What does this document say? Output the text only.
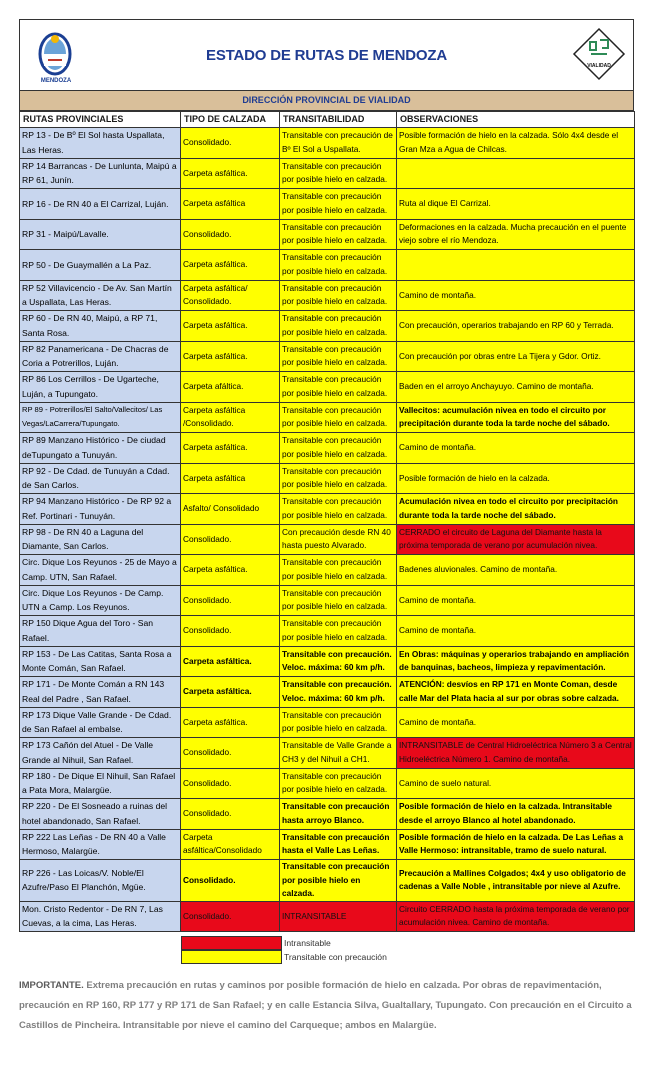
MENDOZA
ESTADO DE RUTAS DE MENDOZA
VIALIDAD
DIRECCIÓN PROVINCIAL DE VIALIDAD
RUTAS PROVINCIALES	TIPO DE CALZADA	TRANSITABILIDAD	OBSERVACIONES
RP 13 - De Bº El Sol hasta Uspallata, Las Heras.	Consolidado.	Transitable con precaución de Bº El Sol a Uspallata.	Posible formación de hielo en la calzada. Sólo 4x4 desde el Gran Mza a Agua de Chilcas.
RP 14 Barrancas - De Lunlunta, Maipú a RP 61, Junín.	Carpeta asfáltica.	Transitable con precaución por posible hielo en calzada.	
RP 16 - De RN 40 a El Carrizal, Luján.	Carpeta asfáltica	Transitable con precaución por posible hielo en calzada.	Ruta al dique El Carrizal.
RP 31 - Maipú/Lavalle.	Consolidado.	Transitable con precaución por posible hielo en calzada.	Deformaciones en la calzada. Mucha precaución en el puente viejo sobre el río Mendoza.
RP 50 - De Guaymallén a La Paz.	Carpeta asfáltica.	Transitable con precaución por posible hielo en calzada.	
RP 52 Villavicencio - De Av. San Martín a Uspallata, Las Heras.	Carpeta asfáltica/ Consolidado.	Transitable con precaución por posible hielo en calzada.	Camino de montaña.
RP 60 - De RN 40, Maipú, a RP 71, Santa Rosa.	Carpeta asfáltica.	Transitable con precaución por posible hielo en calzada.	Con precaución, operarios trabajando en RP 60 y Terrada.
RP 82 Panamericana - De Chacras de Coria a Potrerillos, Luján.	Carpeta asfáltica.	Transitable con precaución por posible hielo en calzada.	Con precaución por obras entre La Tijera y Gdor. Ortiz.
RP 86 Los Cerrillos - De Ugarteche, Luján, a Tupungato.	Carpeta afáltica.	Transitable con precaución por posible hielo en calzada.	Baden en el arroyo Anchayuyo. Camino de montaña.
RP 89 - Potrerillos/El Salto/Vallecitos/ Las Vegas/LaCarrera/Tupungato.	Carpeta asfáltica /Consolidado.	Transitable con precaución por posible hielo en calzada.	Vallecitos: acumulación nivea en todo el circuito por precipitación durante toda la tarde noche del sábado.
RP 89 Manzano Histórico - De ciudad deTupungato a Tunuyán.	Carpeta asfáltica.	Transitable con precaución por posible hielo en calzada.	Camino de montaña.
RP 92 - De Cdad. de Tunuyán a Cdad. de San Carlos.	Carpeta asfáltica	Transitable con precaución por posible hielo en calzada.	Posible formación de hielo en la calzada.
RP 94 Manzano Histórico - De RP 92 a Ref. Portinari - Tunuyán.	Asfalto/ Consolidado	Transitable con precaución por posible hielo en calzada.	Acumulación nivea en todo el circuito por precipitación durante toda la tarde noche del sábado.
RP 98 - De RN 40 a Laguna del Diamante, San Carlos.	Consolidado.	Con precaución desde RN 40 hasta puesto Alvarado.	CERRADO el circuito de Laguna del Diamante hasta la próxima temporada de verano por acumulación nivea.
Circ. Dique Los Reyunos - 25 de Mayo a Camp. UTN, San Rafael.	Carpeta asfáltica.	Transitable con precaución por posible hielo en calzada.	Badenes aluvionales. Camino de montaña.
Circ. Dique Los Reyunos - De Camp. UTN a Camp. Los Reyunos.	Consolidado.	Transitable con precaución por posible hielo en calzada.	Camino de montaña.
RP 150 Dique Agua del Toro - San Rafael.	Consolidado.	Transitable con precaución por posible hielo en calzada.	Camino de montaña.
RP 153 - De Las Catitas, Santa Rosa a Monte Comán, San Rafael.	Carpeta asfáltica.	Transitable con precaución. Veloc. máxima: 60 km p/h.	En Obras: máquinas y operarios trabajando en ampliación de banquinas, bacheos, limpieza y repavimentación.
RP 171 - De Monte Comán a RN 143 Real del Padre , San Rafael.	Carpeta asfáltica.	Transitable con precaución. Veloc. máxima: 60 km p/h.	ATENCIÓN: desvíos en RP 171 en Monte Coman, desde calle Mar del Plata hacia al sur por obras sobre calzada.
RP 173 Dique Valle Grande - De Cdad. de San Rafael al embalse.	Carpeta asfáltica.	Transitable con precaución por posible hielo en calzada.	Camino de montaña.
RP 173 Cañón del Atuel - De Valle Grande al Nihuil, San Rafael.	Consolidado.	Transitable de Valle Grande a CH3 y del Nihuil a CH1.	INTRANSITABLE de Central Hidroeléctrica Número 3 a Central Hidroeléctrica Número 1. Camino de montaña.
RP 180 - De Dique El Nihuil, San Rafael a Pata Mora, Malargüe.	Consolidado.	Transitable con precaución por posible hielo en calzada.	Camino de suelo natural.
RP 220 - De El Sosneado a ruinas del hotel abandonado, San Rafael.	Consolidado.	Transitable con precaución hasta arroyo Blanco.	Posible formación de hielo en la calzada. Intransitable desde el arroyo Blanco al hotel abandonado.
RP 222 Las Leñas - De RN 40 a Valle Hermoso, Malargüe.	Carpeta asfáltica/Consolidado	Transitable con precaución hasta el Valle Las Leñas.	Posible formación de hielo en la calzada. De Las Leñas a Valle Hermoso: intransitable, tramo de suelo natural.
RP 226 - Las Loicas/V. Noble/El Azufre/Paso El Planchón, Mgüe.	Consolidado.	Transitable con precaución por posible hielo en calzada.	Precaución a Mallines Colgados; 4x4 y uso obligatorio de cadenas a Valle Noble , intransitable por nieve al Azufre.
Mon. Cristo Redentor - De RN 7, Las Cuevas, a la cima, Las Heras.	Consolidado.	INTRANSITABLE	Circuito CERRADO hasta la próxima temporada de verano por acumulación nivea. Camino de montaña.
Intransitable
Transitable con precaución
IMPORTANTE. Extrema precaución en rutas y caminos por posible formación de hielo en calzada. Por obras de repavimentación, precaución en RP 160, RP 177 y RP 171 de San Rafael; y en calle Estancia Silva, Gualtallary, Tupungato. Con precaución en el Circuito a Castillos de Pincheira. Intransitable por nieve el camino del Carqueque; ambos en Malargüe.
